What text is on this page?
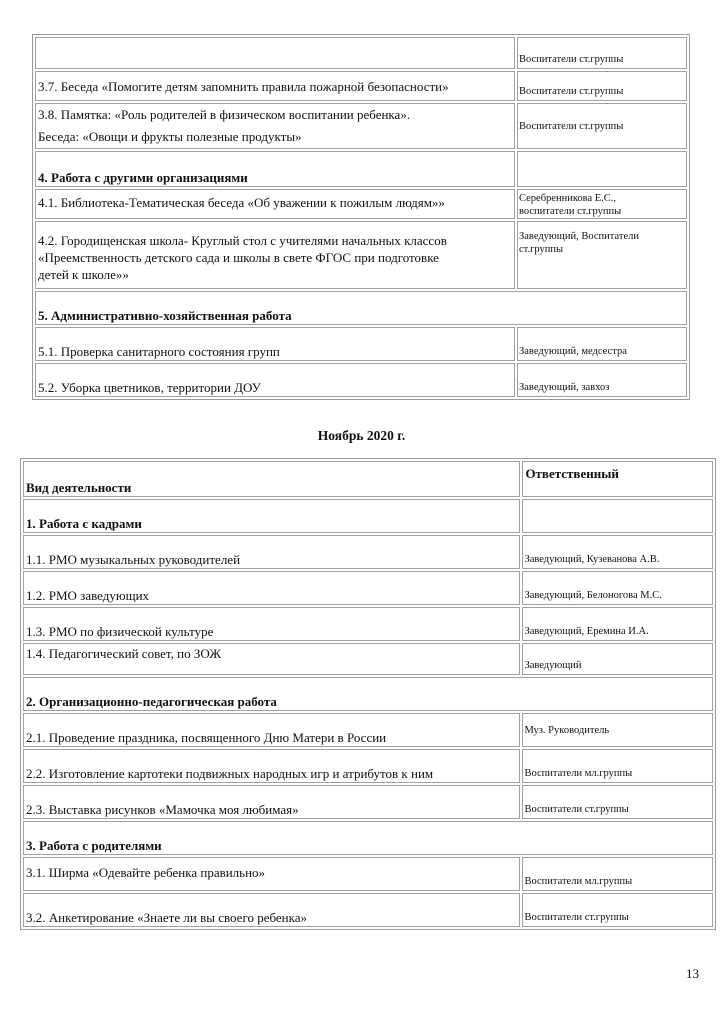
	Воспитатели ст.группы
3.7. Беседа «Помогите детям запомнить правила пожарной безопасности»	Воспитатели ст.группы

3.8. Памятка: «Роль родителей в физическом воспитании ребенка».
Беседа: «Овощи и фрукты полезные продукты»	Воспитатели ст.группы
4. Работа с другими организациями	
4.1. Библиотека-Тематическая беседа «Об уважении к пожилым людям»»	Серебренникова Е.С.,
воспитатели ст.группы

4.2. Городищенская школа- Круглый стол с учителями начальных классов
«Преемственность детского сада и школы в свете ФГОС при подготовке
детей к школе»»	Заведующий, Воспитатели
ст.группы

5. Административно-хозяйственная работа	
5.1. Проверка санитарного состояния групп	Заведующий, медсестра
5.2. Уборка цветников, территории ДОУ	Заведующий, завхоз
Ноябрь 2020 г.
Вид деятельности	Ответственный
1. Работа с кадрами	
1.1. РМО музыкальных руководителей	Заведующий, Кузеванова А.В.
1.2. РМО заведующих	Заведующий, Белоногова М.С.
1.3. РМО по физической культуре	Заведующий, Еремина И.А.
1.4. Педагогический совет, по ЗОЖ	Заведующий
2. Организационно-педагогическая работа	
2.1. Проведение праздника, посвященного Дню Матери в России	Муз. Руководитель
2.2. Изготовление картотеки подвижных народных игр и атрибутов к ним	Воспитатели мл.группы
2.3. Выставка рисунков «Мамочка моя любимая»	Воспитатели ст.группы
3. Работа с родителями	
3.1. Ширма «Одевайте ребенка правильно»	Воспитатели мл.группы
3.2. Анкетирование «Знаете ли вы своего ребенка»	Воспитатели ст.группы
13
